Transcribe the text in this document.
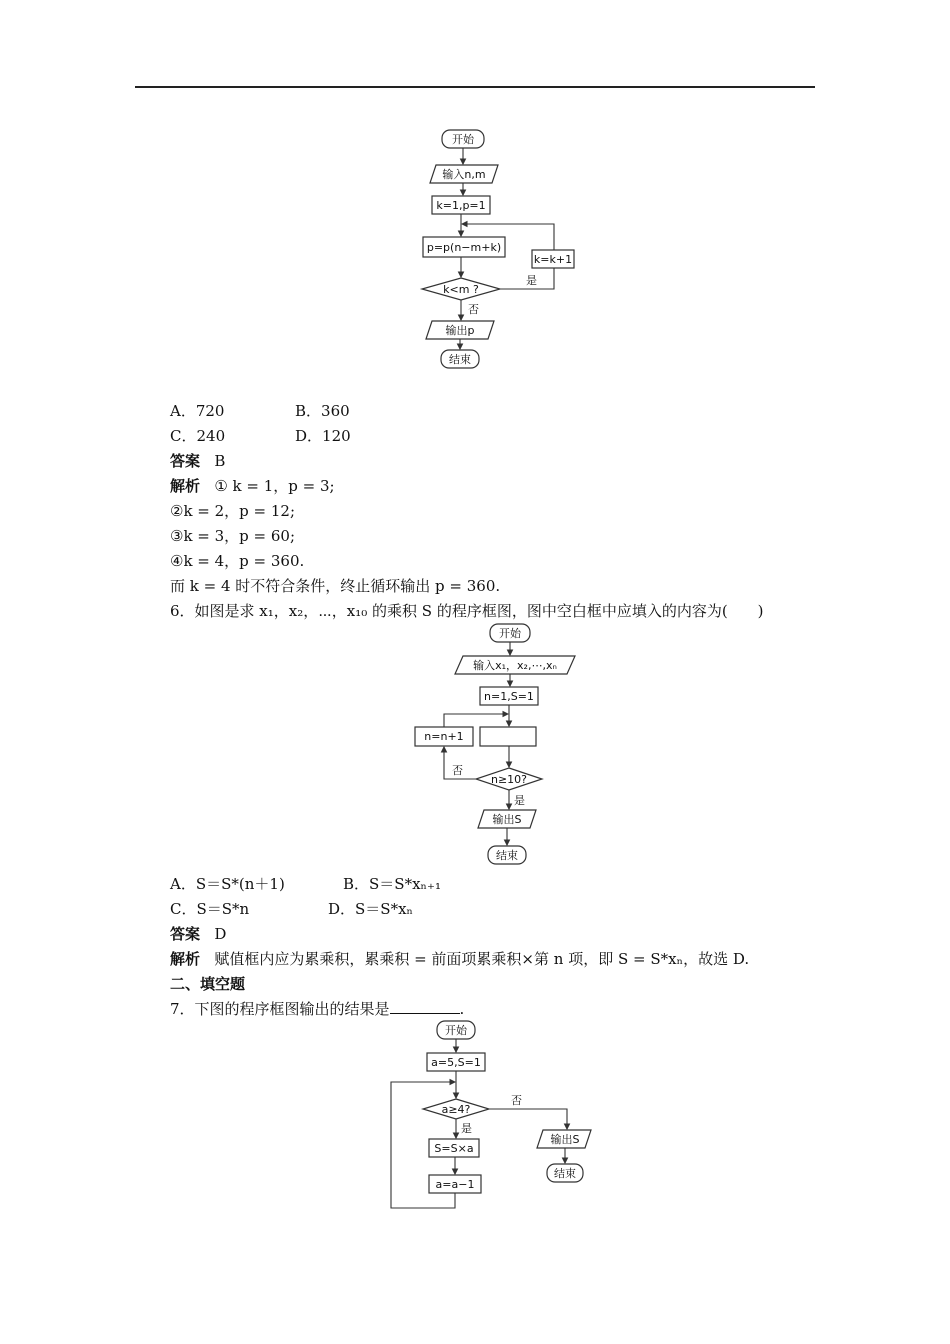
开始
输入n,m
k=1,p=1
p=p(n−m+k)
k<m ?
k=k+1
是
否
输出p
结束
A．720	B．360
C．240	D．120
答案 B
解析 ① k = 1，p = 3;
②k = 2，p = 12;
③k = 3，p = 60;
④k = 4，p = 360.
而 k = 4 时不符合条件，终止循环输出 p = 360.
6．如图是求 x₁，x₂，⋯，x₁₀ 的乘积 S 的程序框图，图中空白框中应填入的内容为(　　)
开始
输入x₁，x₂,⋯,xₙ
n=1,S=1
n=n+1
n≥10?
否
是
输出S
结束
A．S＝S*(n＋1)	B．S＝S*xₙ₊₁
C．S＝S*n	D．S＝S*xₙ
答案 D
解析 赋值框内应为累乘积，累乘积 = 前面项累乘积×第 n 项，即 S = S*xₙ，故选 D.
二、填空题
7．下图的程序框图输出的结果是	.
开始
a=5,S=1
a≥4?
否
输出S
结束
是
S=S×a
a=a−1
